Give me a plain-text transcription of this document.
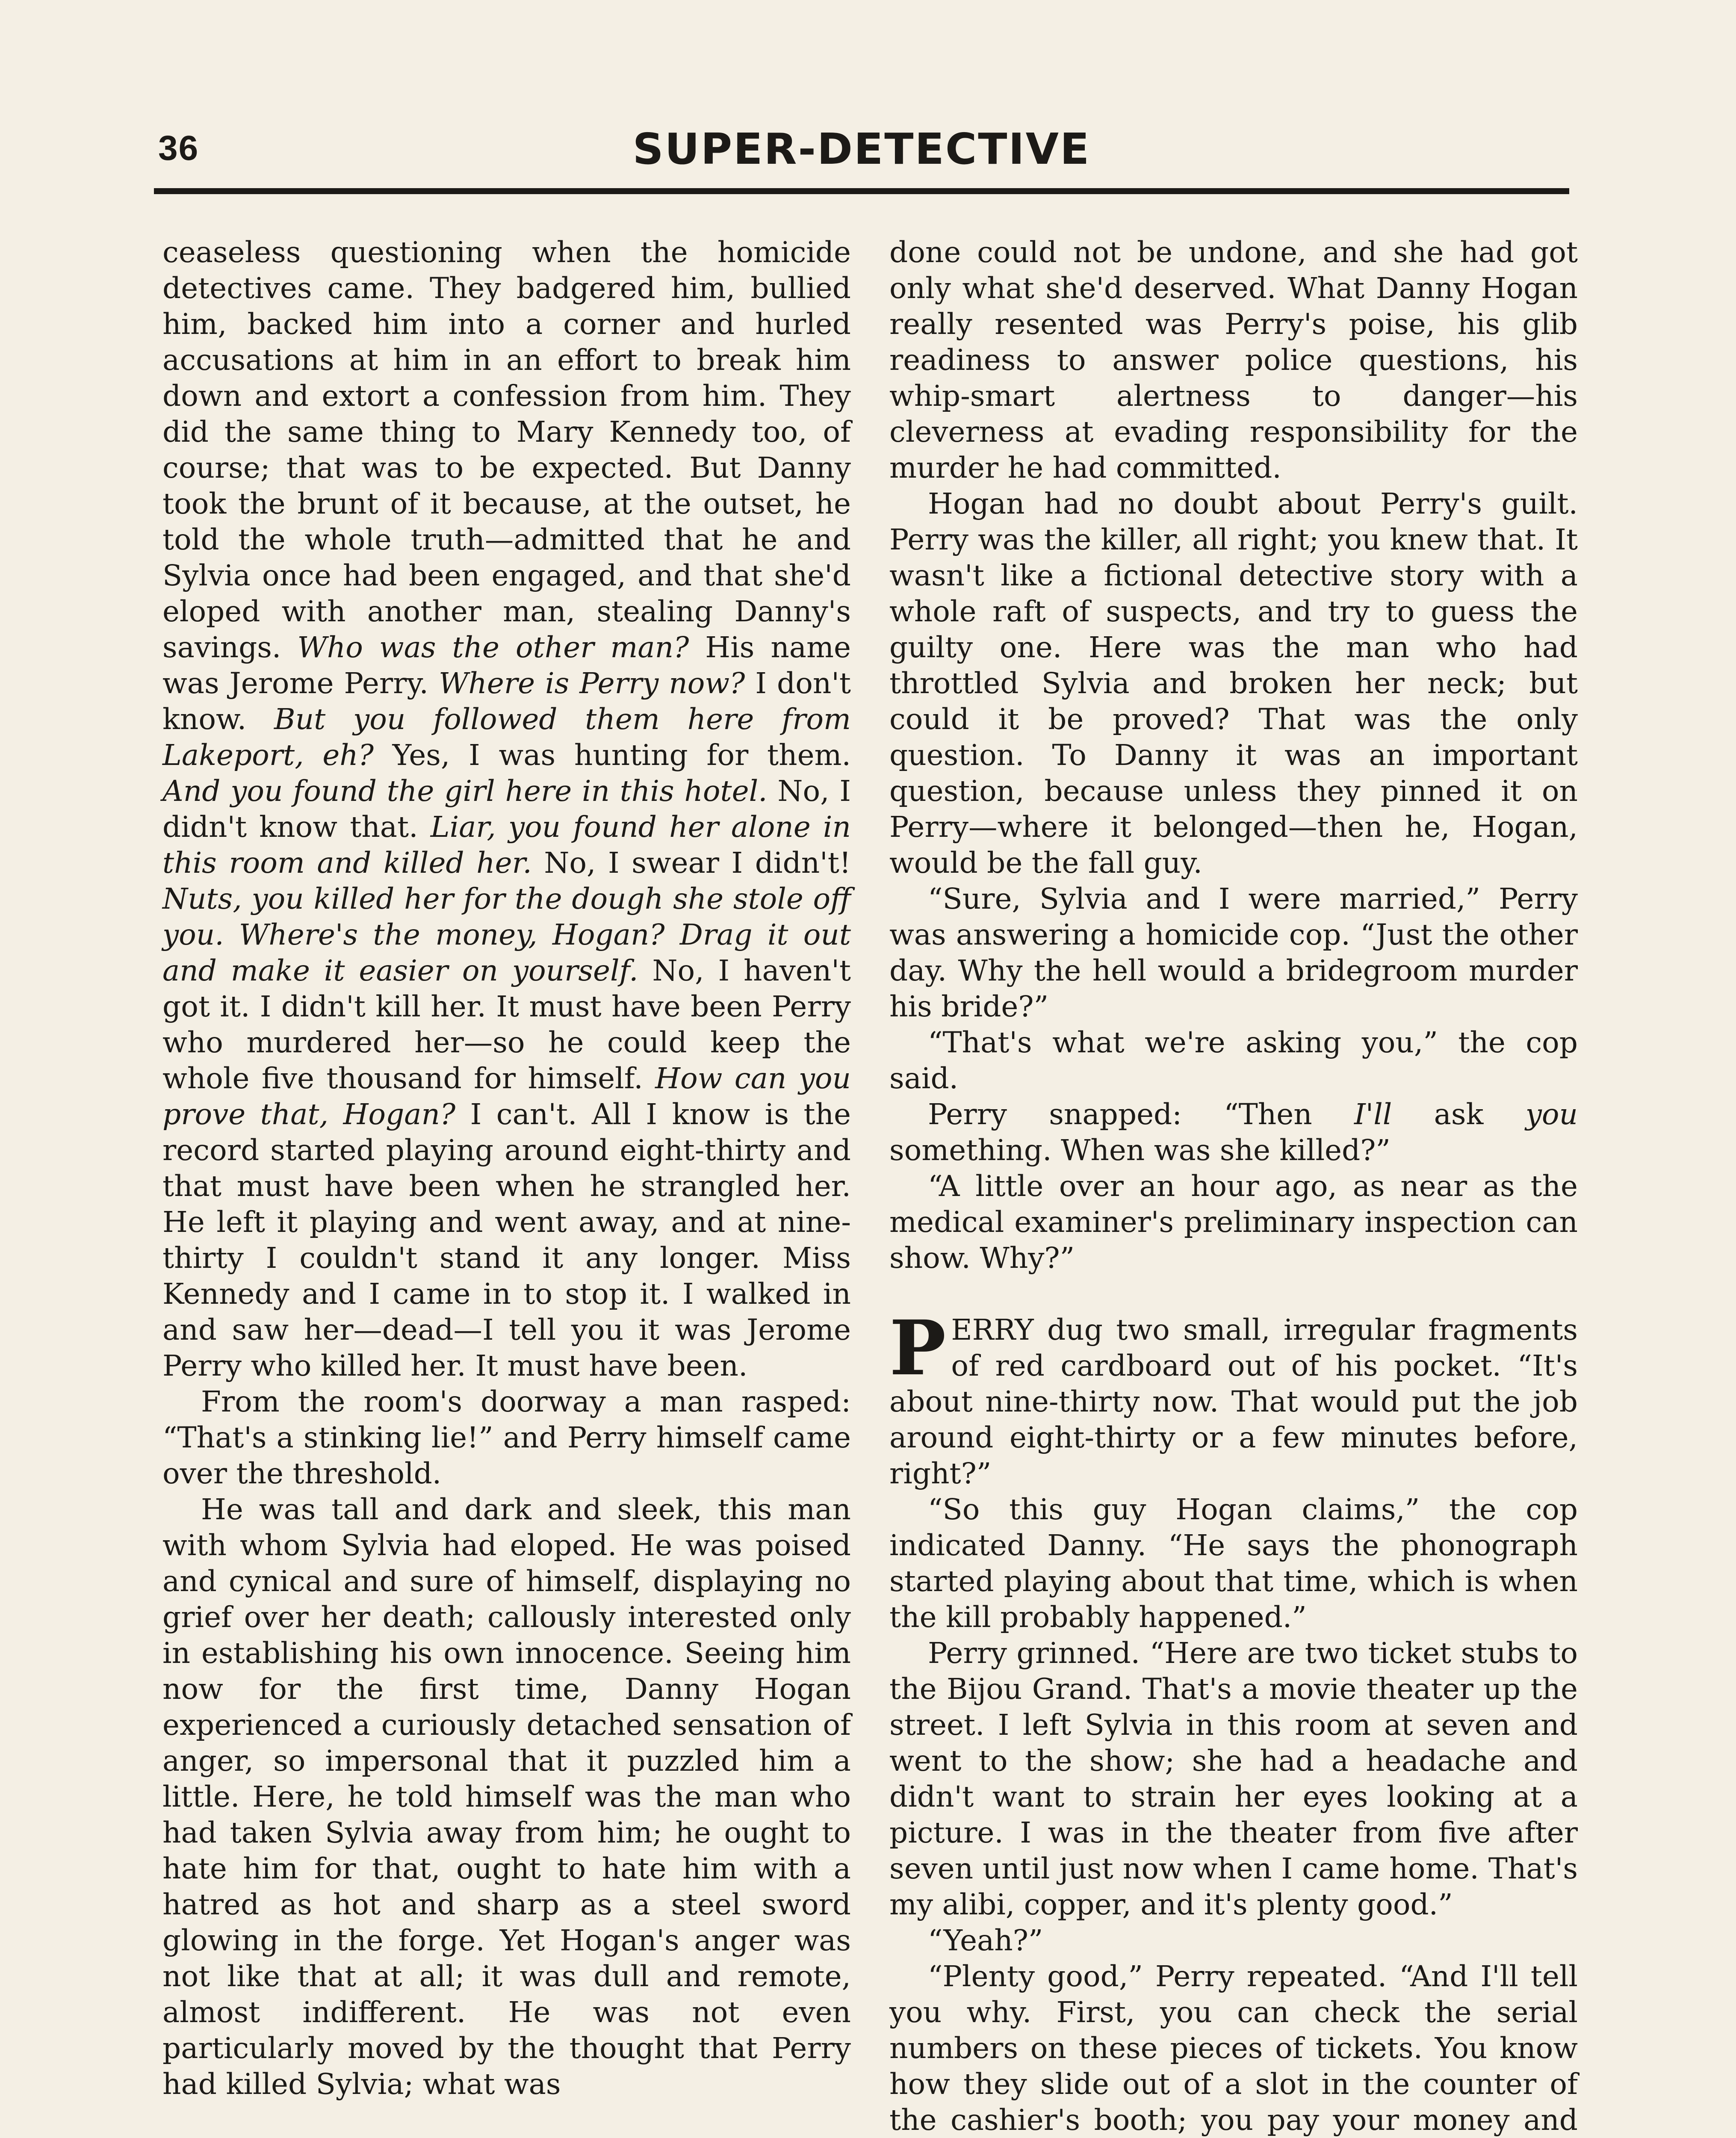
36	SUPER-DETECTIVE

ceaseless questioning when the homicide detectives came. They badgered him, bullied him, backed him into a corner and hurled accusations at him in an effort to break him down and extort a confession from him. They did the same thing to Mary Kennedy too, of course; that was to be expected. But Danny took the brunt of it because, at the outset, he told the whole truth—admitted that he and Sylvia once had been engaged, and that she'd eloped with another man, stealing Danny's savings. Who was the other man? His name was Jerome Perry. Where is Perry now? I don't know. But you followed them here from Lakeport, eh? Yes, I was hunting for them. And you found the girl here in this hotel. No, I didn't know that. Liar, you found her alone in this room and killed her. No, I swear I didn't! Nuts, you killed her for the dough she stole off you. Where's the money, Hogan? Drag it out and make it easier on yourself. No, I haven't got it. I didn't kill her. It must have been Perry who murdered her—so he could keep the whole five thousand for himself. How can you prove that, Hogan? I can't. All I know is the record started playing around eight-thirty and that must have been when he strangled her. He left it playing and went away, and at nine-thirty I couldn't stand it any longer. Miss Kennedy and I came in to stop it. I walked in and saw her—dead—I tell you it was Jerome Perry who killed her. It must have been.

From the room's doorway a man rasped: “That's a stinking lie!” and Perry himself came over the threshold.

He was tall and dark and sleek, this man with whom Sylvia had eloped. He was poised and cynical and sure of himself, displaying no grief over her death; callously interested only in establishing his own innocence. Seeing him now for the first time, Danny Hogan experienced a curiously detached sensation of anger, so impersonal that it puzzled him a little. Here, he told himself was the man who had taken Sylvia away from him; he ought to hate him for that, ought to hate him with a hatred as hot and sharp as a steel sword glowing in the forge. Yet Hogan's anger was not like that at all; it was dull and remote, almost indifferent. He was not even particularly moved by the thought that Perry had killed Sylvia; what was

done could not be undone, and she had got only what she'd deserved. What Danny Hogan really resented was Perry's poise, his glib readiness to answer police questions, his whip-smart alertness to danger—his cleverness at evading responsibility for the murder he had committed.

Hogan had no doubt about Perry's guilt. Perry was the killer, all right; you knew that. It wasn't like a fictional detective story with a whole raft of suspects, and try to guess the guilty one. Here was the man who had throttled Sylvia and broken her neck; but could it be proved? That was the only question. To Danny it was an important question, because unless they pinned it on Perry—where it belonged—then he, Hogan, would be the fall guy.

“Sure, Sylvia and I were married,” Perry was answering a homicide cop. “Just the other day. Why the hell would a bridegroom murder his bride?”

“That's what we're asking you,” the cop said.

Perry snapped: “Then I'll ask you something. When was she killed?”

“A little over an hour ago, as near as the medical examiner's preliminary inspection can show. Why?”

PERRY dug two small, irregular fragments of red cardboard out of his pocket. “It's about nine-thirty now. That would put the job around eight-thirty or a few minutes before, right?”

“So this guy Hogan claims,” the cop indicated Danny. “He says the phonograph started playing about that time, which is when the kill probably happened.”

Perry grinned. “Here are two ticket stubs to the Bijou Grand. That's a movie theater up the street. I left Sylvia in this room at seven and went to the show; she had a headache and didn't want to strain her eyes looking at a picture. I was in the theater from five after seven until just now when I came home. That's my alibi, copper, and it's plenty good.”

“Yeah?”

“Plenty good,” Perry repeated. “And I'll tell you why. First, you can check the serial numbers on these pieces of tickets. You know how they slide out of a slot in the counter of the cashier's booth; you pay your money and
